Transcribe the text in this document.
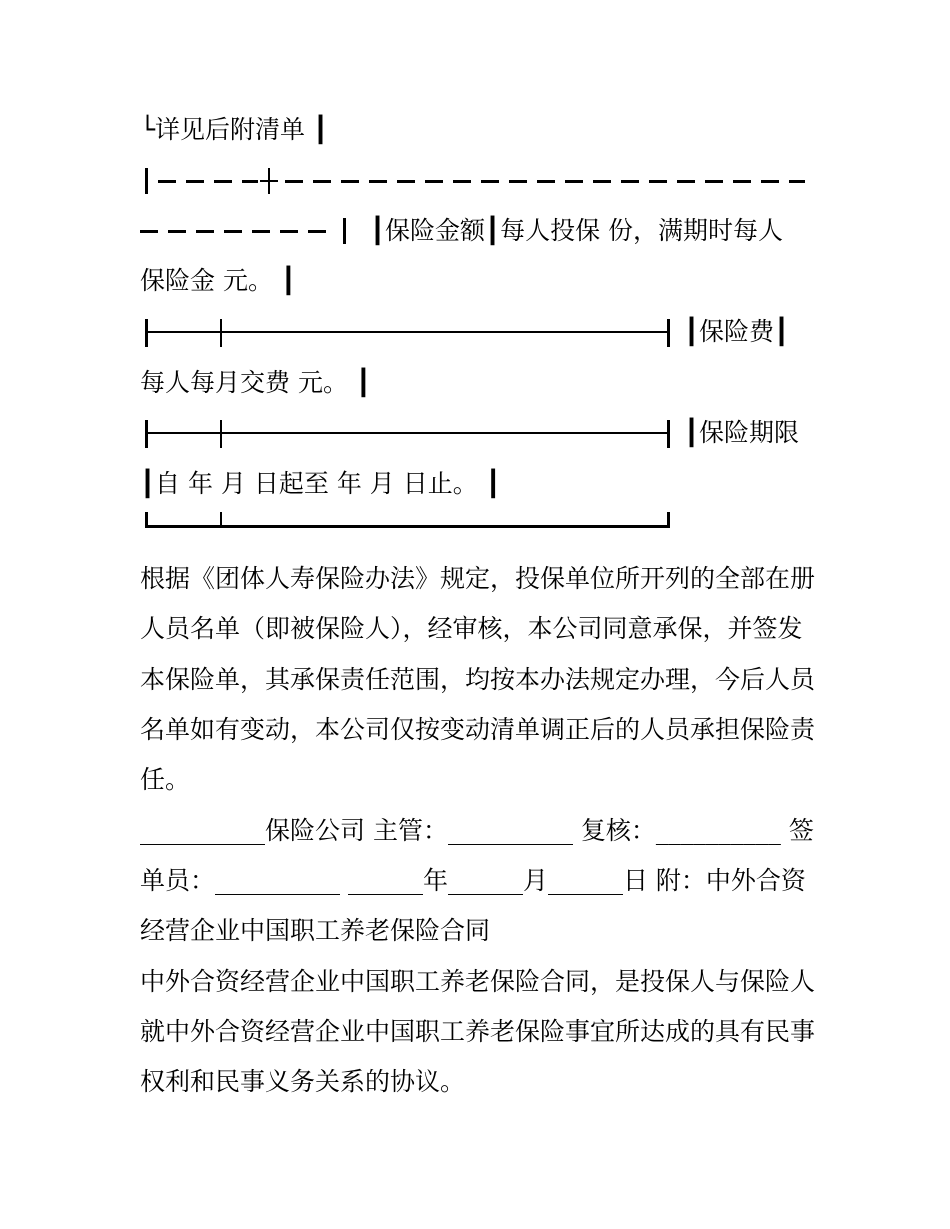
└详见后附清单 ┃
┃保险金额┃每人投保 份，满期时每人
保险金 元。 ┃
┃保险费┃
每人每月交费 元。 ┃
┃保险期限
┃自 年 月 日起至 年 月 日止。 ┃
根据《团体人寿保险办法》规定，投保单位所开列的全部在册
人员名单（即被保险人），经审核，本公司同意承保，并签发
本保险单，其承保责任范围，均按本办法规定办理，今后人员
名单如有变动，本公司仅按变动清单调正后的人员承担保险责
任。
__________保险公司 主管：__________ 复核：__________ 签
单员：__________ ______年______月______日 附：中外合资
经营企业中国职工养老保险合同
中外合资经营企业中国职工养老保险合同，是投保人与保险人
就中外合资经营企业中国职工养老保险事宜所达成的具有民事
权利和民事义务关系的协议。
